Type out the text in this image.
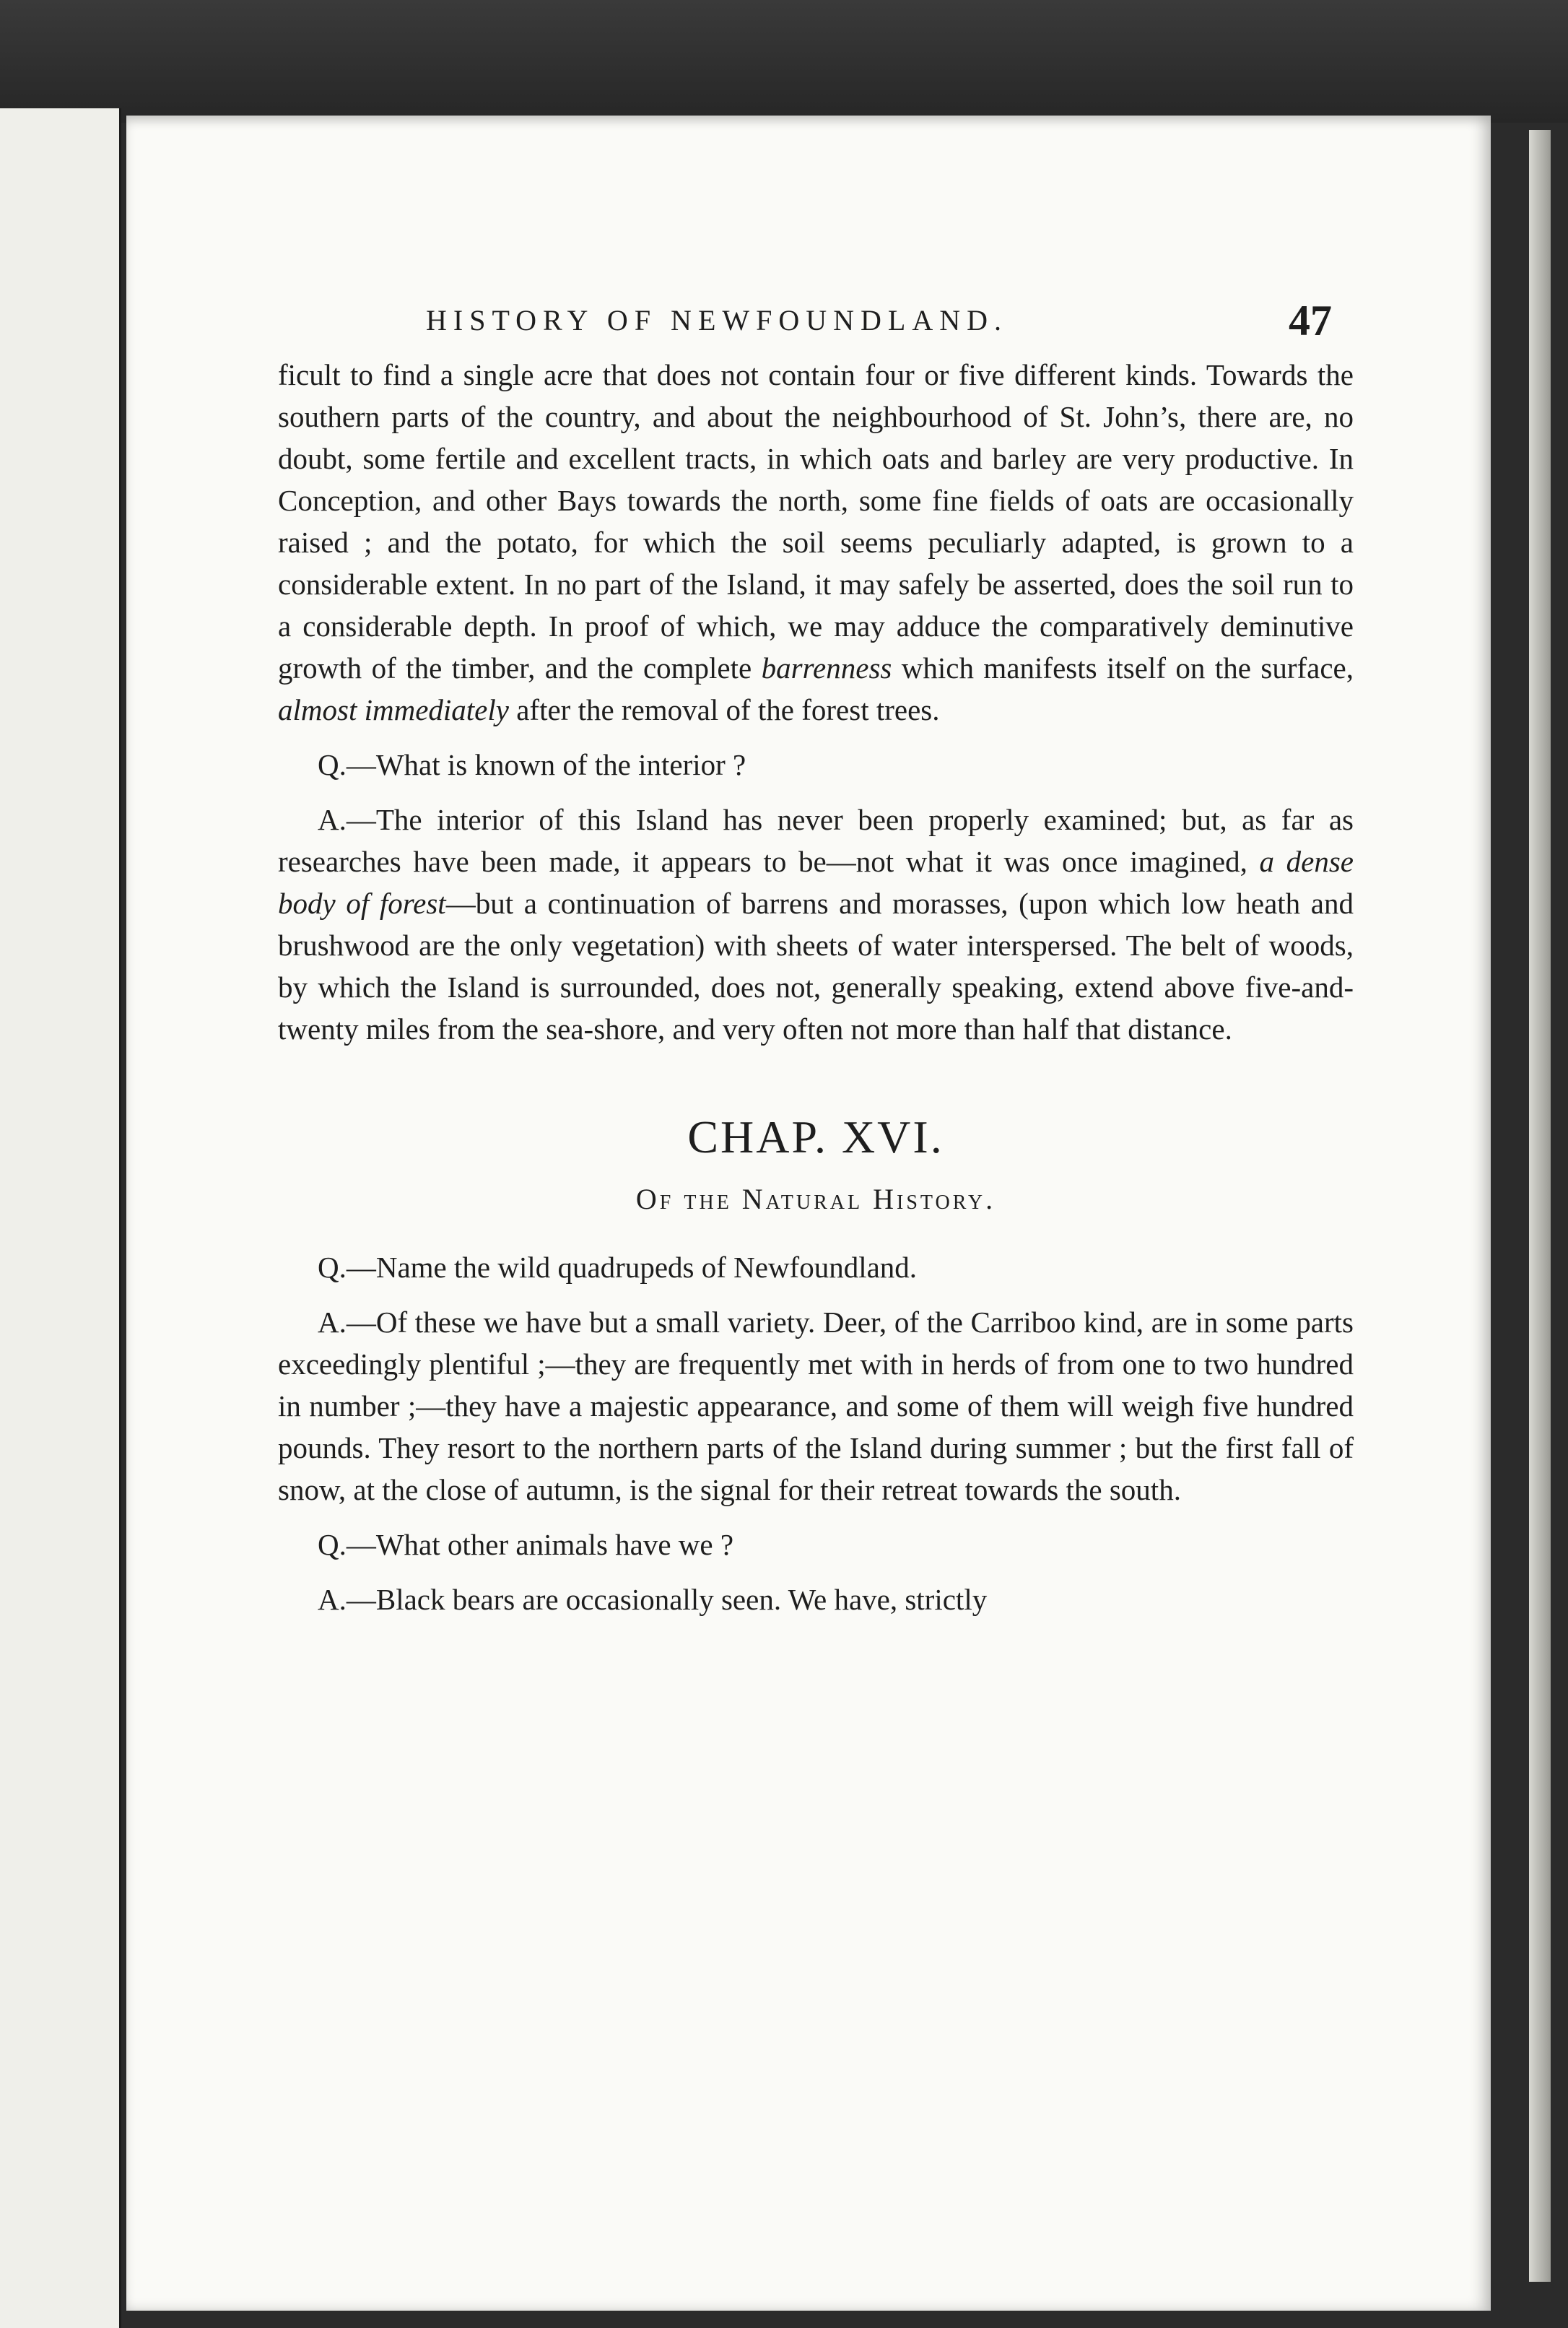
HISTORY OF NEWFOUNDLAND.	47

ficult to find a single acre that does not contain four or five different kinds. Towards the southern parts of the country, and about the neighbourhood of St. John’s, there are, no doubt, some fertile and excellent tracts, in which oats and barley are very productive. In Conception, and other Bays towards the north, some fine fields of oats are occasionally raised ; and the potato, for which the soil seems peculiarly adapted, is grown to a considerable extent. In no part of the Island, it may safely be asserted, does the soil run to a considerable depth. In proof of which, we may adduce the comparatively deminutive growth of the timber, and the complete barrenness which manifests itself on the surface, almost immediately after the removal of the forest trees.

Q.—What is known of the interior ?

A.—The interior of this Island has never been properly examined; but, as far as researches have been made, it appears to be—not what it was once imagined, a dense body of forest—but a continuation of barrens and morasses, (upon which low heath and brushwood are the only vegetation) with sheets of water interspersed. The belt of woods, by which the Island is surrounded, does not, generally speaking, extend above five-and-twenty miles from the sea-shore, and very often not more than half that distance.

CHAP. XVI.
Of the Natural History.

Q.—Name the wild quadrupeds of Newfoundland.

A.—Of these we have but a small variety. Deer, of the Carriboo kind, are in some parts exceedingly plentiful ;—they are frequently met with in herds of from one to two hundred in number ;—they have a majestic appearance, and some of them will weigh five hundred pounds. They resort to the northern parts of the Island during summer ; but the first fall of snow, at the close of autumn, is the signal for their retreat towards the south.

Q.—What other animals have we ?

A.—Black bears are occasionally seen. We have, strictly
